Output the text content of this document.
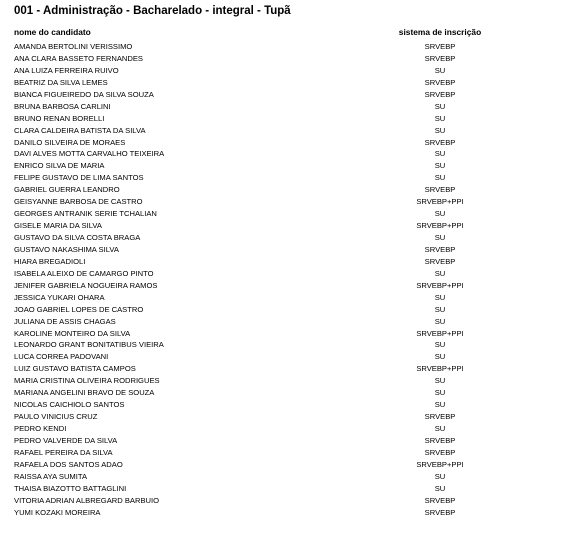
001 - Administração - Bacharelado - integral - Tupã
nome do candidato	sistema de inscrição
AMANDA BERTOLINI VERISSIMO	SRVEBP
ANA CLARA BASSETO FERNANDES	SRVEBP
ANA LUIZA FERREIRA RUIVO	SU
BEATRIZ DA SILVA LEMES	SRVEBP
BIANCA FIGUEIREDO DA SILVA SOUZA	SRVEBP
BRUNA BARBOSA CARLINI	SU
BRUNO RENAN BORELLI	SU
CLARA CALDEIRA BATISTA DA SILVA	SU
DANILO SILVEIRA DE MORAES	SRVEBP
DAVI ALVES MOTTA CARVALHO TEIXEIRA	SU
ENRICO SILVA DE MARIA	SU
FELIPE GUSTAVO DE LIMA SANTOS	SU
GABRIEL GUERRA LEANDRO	SRVEBP
GEISYANNE BARBOSA DE CASTRO	SRVEBP+PPI
GEORGES ANTRANIK SERIE TCHALIAN	SU
GISELE MARIA DA SILVA	SRVEBP+PPI
GUSTAVO DA SILVA COSTA BRAGA	SU
GUSTAVO NAKASHIMA SILVA	SRVEBP
HIARA BREGADIOLI	SRVEBP
ISABELA ALEIXO DE CAMARGO PINTO	SU
JENIFER GABRIELA NOGUEIRA RAMOS	SRVEBP+PPI
JESSICA YUKARI OHARA	SU
JOAO GABRIEL LOPES DE CASTRO	SU
JULIANA DE ASSIS CHAGAS	SU
KAROLINE MONTEIRO DA SILVA	SRVEBP+PPI
LEONARDO GRANT BONITATIBUS VIEIRA	SU
LUCA CORREA PADOVANI	SU
LUIZ GUSTAVO BATISTA CAMPOS	SRVEBP+PPI
MARIA CRISTINA OLIVEIRA RODRIGUES	SU
MARIANA ANGELINI BRAVO DE SOUZA	SU
NICOLAS CAICHIOLO SANTOS	SU
PAULO VINICIUS CRUZ	SRVEBP
PEDRO KENDI	SU
PEDRO VALVERDE DA SILVA	SRVEBP
RAFAEL PEREIRA DA SILVA	SRVEBP
RAFAELA DOS SANTOS ADAO	SRVEBP+PPI
RAISSA AYA SUMITA	SU
THAISA BIAZOTTO BATTAGLINI	SU
VITORIA ADRIAN ALBREGARD BARBUIO	SRVEBP
YUMI KOZAKI MOREIRA	SRVEBP
